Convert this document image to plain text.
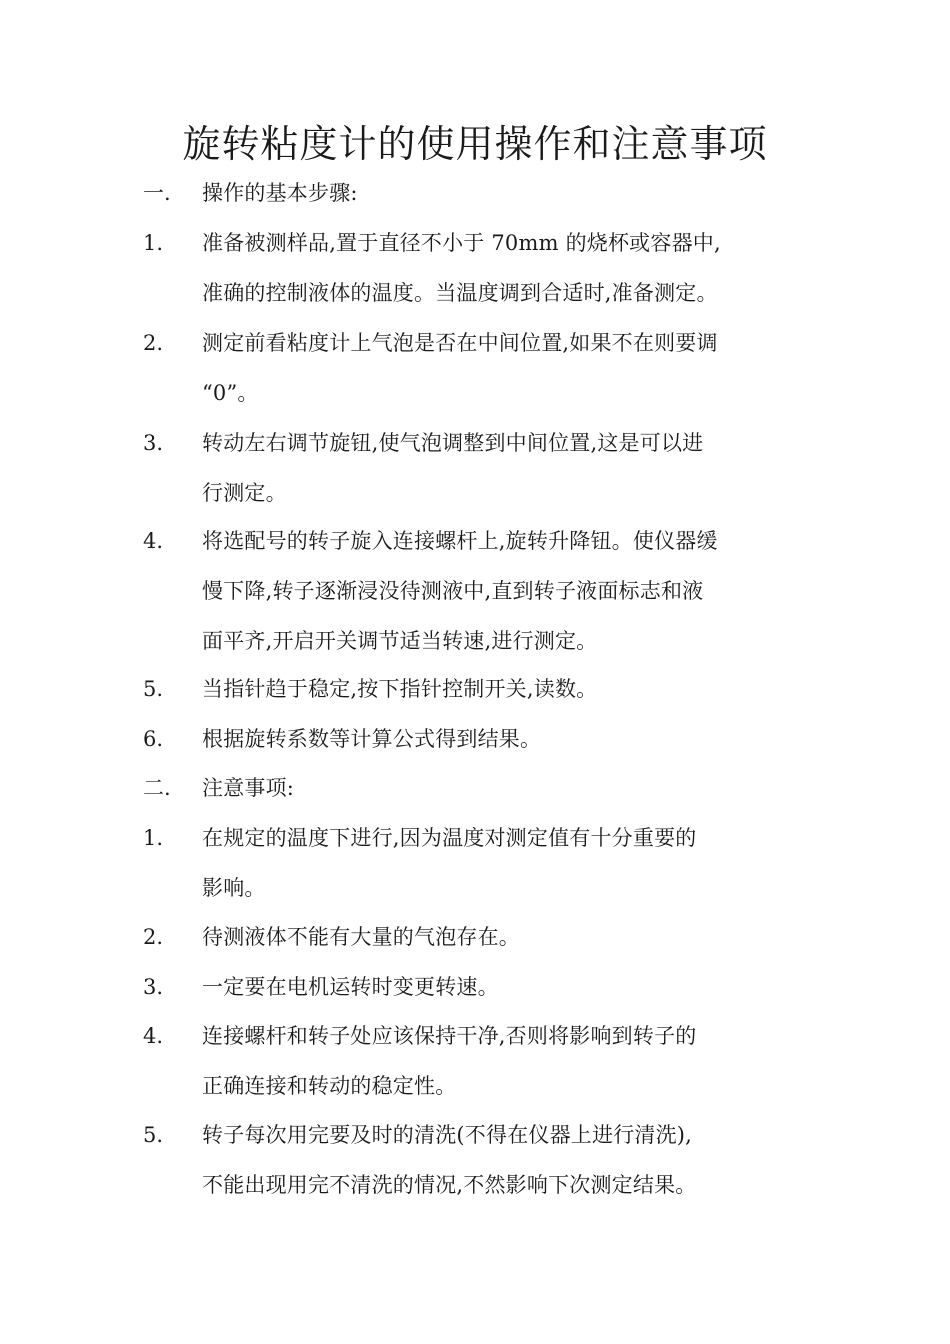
旋转粘度计的使用操作和注意事项
一. 操作的基本步骤:
1. 准备被测样品,置于直径不小于 70mm 的烧杯或容器中,
准确的控制液体的温度。当温度调到合适时,准备测定。
2. 测定前看粘度计上气泡是否在中间位置,如果不在则要调
“0”。
3. 转动左右调节旋钮,使气泡调整到中间位置,这是可以进
行测定。
4. 将选配号的转子旋入连接螺杆上,旋转升降钮。使仪器缓
慢下降,转子逐渐浸没待测液中,直到转子液面标志和液
面平齐,开启开关调节适当转速,进行测定。
5. 当指针趋于稳定,按下指针控制开关,读数。
6. 根据旋转系数等计算公式得到结果。
二. 注意事项:
1. 在规定的温度下进行,因为温度对测定值有十分重要的
影响。
2. 待测液体不能有大量的气泡存在。
3. 一定要在电机运转时变更转速。
4. 连接螺杆和转子处应该保持干净,否则将影响到转子的
正确连接和转动的稳定性。
5. 转子每次用完要及时的清洗(不得在仪器上进行清洗),
不能出现用完不清洗的情况,不然影响下次测定结果。
